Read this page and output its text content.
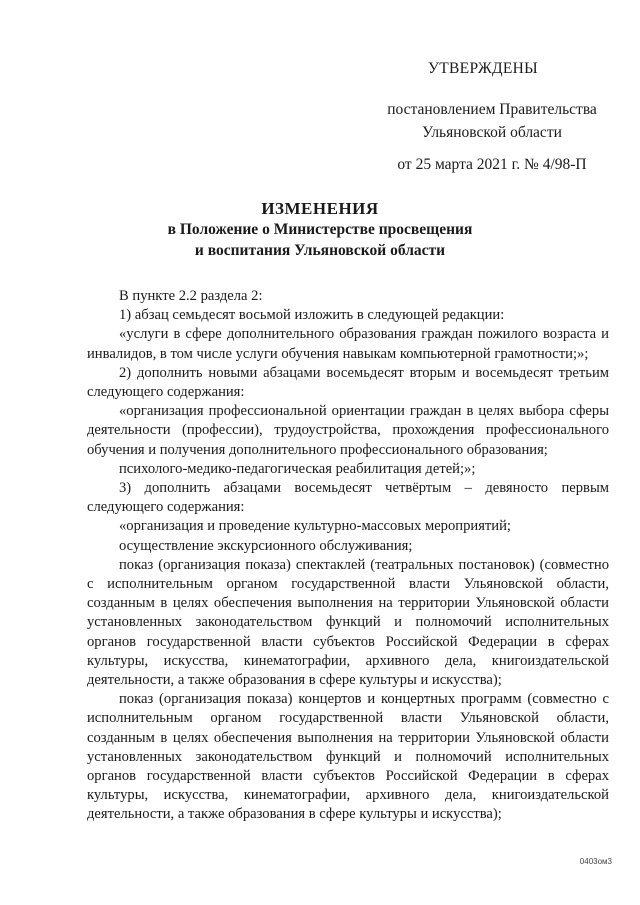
УТВЕРЖДЕНЫ
постановлением Правительства
Ульяновской области
от 25 марта 2021 г. № 4/98-П
ИЗМЕНЕНИЯ
в Положение о Министерстве просвещения
и воспитания Ульяновской области

В пункте 2.2 раздела 2:

1) абзац семьдесят восьмой изложить в следующей редакции:

«услуги в сфере дополнительного образования граждан пожилого возраста и инвалидов, в том числе услуги обучения навыкам компьютерной грамотности;»;

2) дополнить новыми абзацами восемьдесят вторым и восемьдесят третьим следующего содержания:

«организация профессиональной ориентации граждан в целях выбора сферы деятельности (профессии), трудоустройства, прохождения профессионального обучения и получения дополнительного профессионального образования;

психолого-медико-педагогическая реабилитация детей;»;

3) дополнить абзацами восемьдесят четвёртым – девяносто первым следующего содержания:

«организация и проведение культурно-массовых мероприятий;

осуществление экскурсионного обслуживания;

показ (организация показа) спектаклей (театральных постановок) (совместно с исполнительным органом государственной власти Ульяновской области, созданным в целях обеспечения выполнения на территории Ульяновской области установленных законодательством функций и полномочий исполнительных органов государственной власти субъектов Российской Федерации в сферах культуры, искусства, кинематографии, архивного дела, книгоиздательской деятельности, а также образования в сфере культуры и искусства);

показ (организация показа) концертов и концертных программ (совместно с исполнительным органом государственной власти Ульяновской области, созданным в целях обеспечения выполнения на территории Ульяновской области установленных законодательством функций и полномочий исполнительных органов государственной власти субъектов Российской Федерации в сферах культуры, искусства, кинематографии, архивного дела, книгоиздательской деятельности, а также образования в сфере культуры и искусства);

0403ом3
